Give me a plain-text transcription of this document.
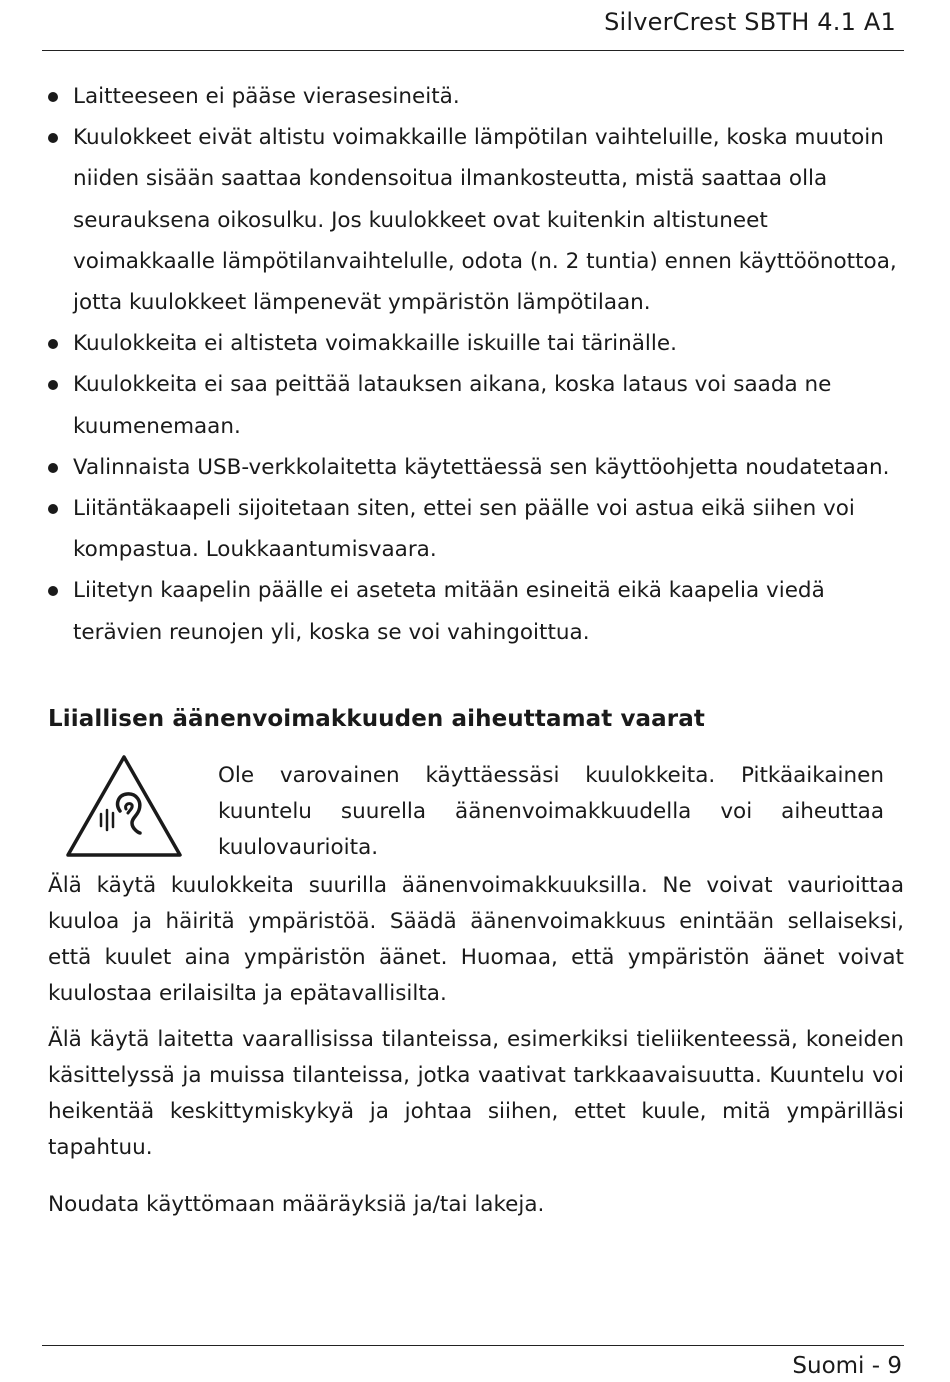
SilverCrest SBTH 4.1 A1
Laitteeseen ei pääse vierasesineitä.
Kuulokkeet eivät altistu voimakkaille lämpötilan vaihteluille, koska muutoin niiden sisään saattaa kondensoitua ilmankosteutta, mistä saattaa olla seurauksena oikosulku. Jos kuulokkeet ovat kuitenkin altistuneet voimakkaalle lämpötilanvaihtelulle, odota (n. 2 tuntia) ennen käyttöönottoa, jotta kuulokkeet lämpenevät ympäristön lämpötilaan.
Kuulokkeita ei altisteta voimakkaille iskuille tai tärinälle.
Kuulokkeita ei saa peittää latauksen aikana, koska lataus voi saada ne kuumenemaan.
Valinnaista USB-verkkolaitetta käytettäessä sen käyttöohjetta noudatetaan.
Liitäntäkaapeli sijoitetaan siten, ettei sen päälle voi astua eikä siihen voi kompastua. Loukkaantumisvaara.
Liitetyn kaapelin päälle ei aseteta mitään esineitä eikä kaapelia viedä terävien reunojen yli, koska se voi vahingoittua.
Liiallisen äänenvoimakkuuden aiheuttamat vaarat

Ole varovainen käyttäessäsi kuulokkeita. Pitkäaikainen kuuntelu suurella äänenvoimakkuudella voi aiheuttaa kuulovaurioita.

Älä käytä kuulokkeita suurilla äänenvoimakkuuksilla. Ne voivat vaurioittaa kuuloa ja häiritä ympäristöä. Säädä äänenvoimakkuus enintään sellaiseksi, että kuulet aina ympäristön äänet. Huomaa, että ympäristön äänet voivat kuulostaa erilaisilta ja epätavallisilta.

Älä käytä laitetta vaarallisissa tilanteissa, esimerkiksi tieliikenteessä, koneiden käsittelyssä ja muissa tilanteissa, jotka vaativat tarkkaavaisuutta. Kuuntelu voi heikentää keskittymiskykyä ja johtaa siihen, ettet kuule, mitä ympärilläsi tapahtuu.

Noudata käyttömaan määräyksiä ja/tai lakeja.

Suomi - 9
